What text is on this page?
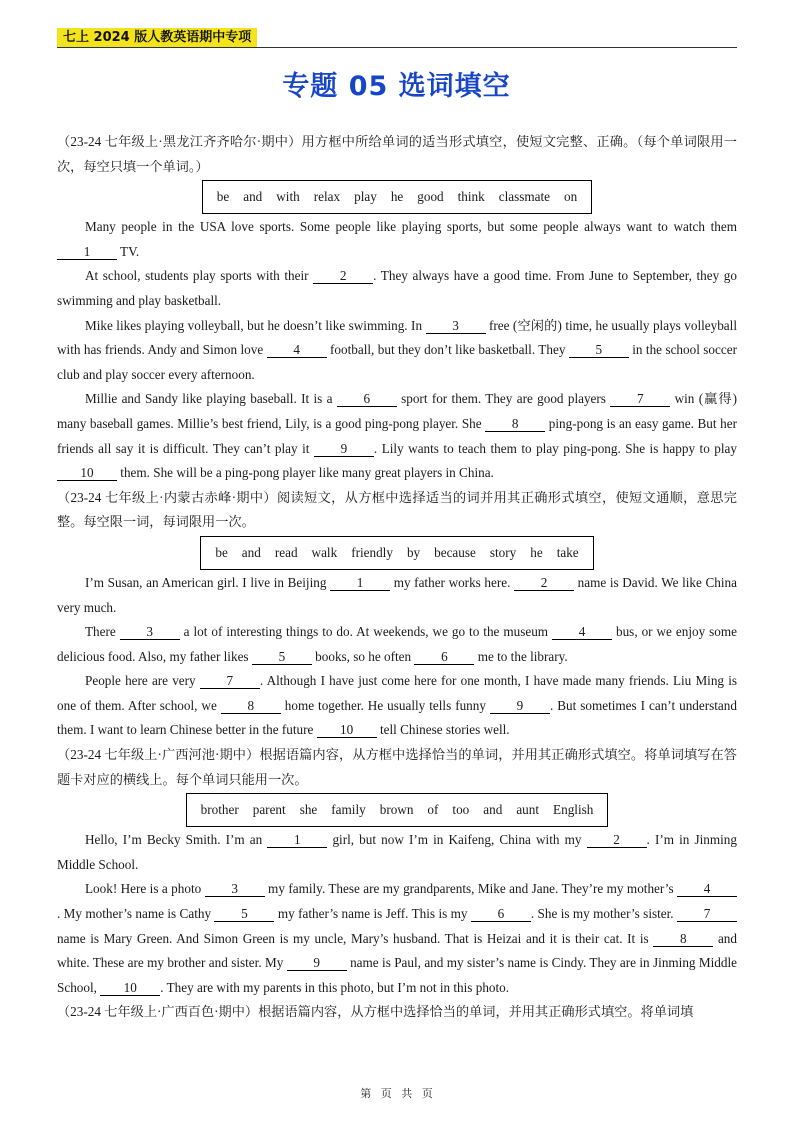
七上 2024 版人教英语期中专项
专题 05 选词填空

（23-24 七年级上·黑龙江齐齐哈尔·期中）用方框中所给单词的适当形式填空，使短文完整、正确。（每个单词限用一次，每空只填一个单词。）

be and with relax play he good think classmate on

Many people in the USA love sports. Some people like playing sports, but some people always want to watch them 1 TV.

At school, students play sports with their 2 . They always have a good time. From June to September, they go swimming and play basketball.

Mike likes playing volleyball, but he doesn’t like swimming. In 3 free (空闲的) time, he usually plays volleyball with has friends. Andy and Simon love 4 football, but they don’t like basketball. They 5 in the school soccer club and play soccer every afternoon.

Millie and Sandy like playing baseball. It is a 6 sport for them. They are good players 7 win (赢得) many baseball games. Millie’s best friend, Lily, is a good ping-pong player. She 8 ping-pong is an easy game. But her friends all say it is difficult. They can’t play it 9 . Lily wants to teach them to play ping-pong. She is happy to play 10 them. She will be a ping-pong player like many great players in China.

（23-24 七年级上·内蒙古赤峰·期中）阅读短文，从方框中选择适当的词并用其正确形式填空，使短文通顺，意思完整。每空限一词，每词限用一次。

be and read walk friendly by because story he take

I’m Susan, an American girl. I live in Beijing 1 my father works here. 2 name is David. We like China very much.

There 3 a lot of interesting things to do. At weekends, we go to the museum 4 bus, or we enjoy some delicious food. Also, my father likes 5 books, so he often 6 me to the library.

People here are very 7 . Although I have just come here for one month, I have made many friends. Liu Ming is one of them. After school, we 8 home together. He usually tells funny 9 . But sometimes I can’t understand them. I want to learn Chinese better in the future 10 tell Chinese stories well.

（23-24 七年级上·广西河池·期中）根据语篇内容，从方框中选择恰当的单词，并用其正确形式填空。将单词填写在答题卡对应的横线上。每个单词只能用一次。

brother parent she family brown of too and aunt English

Hello, I’m Becky Smith. I’m an 1 girl, but now I’m in Kaifeng, China with my 2 . I’m in Jinming Middle School.

Look! Here is a photo 3 my family. These are my grandparents, Mike and Jane. They’re my mother’s 4. My mother’s name is Cathy 5 my father’s name is Jeff. This is my 6 . She is my mother’s sister. 7 name is Mary Green. And Simon Green is my uncle, Mary’s husband. That is Heizai and it is their cat. It is 8 and white. These are my brother and sister. My 9 name is Paul, and my sister’s name is Cindy. They are in Jinming Middle School, 10 . They are with my parents in this photo, but I’m not in this photo.

（23-24 七年级上·广西百色·期中）根据语篇内容，从方框中选择恰当的单词，并用其正确形式填空。将单词填

第 页 共 页
